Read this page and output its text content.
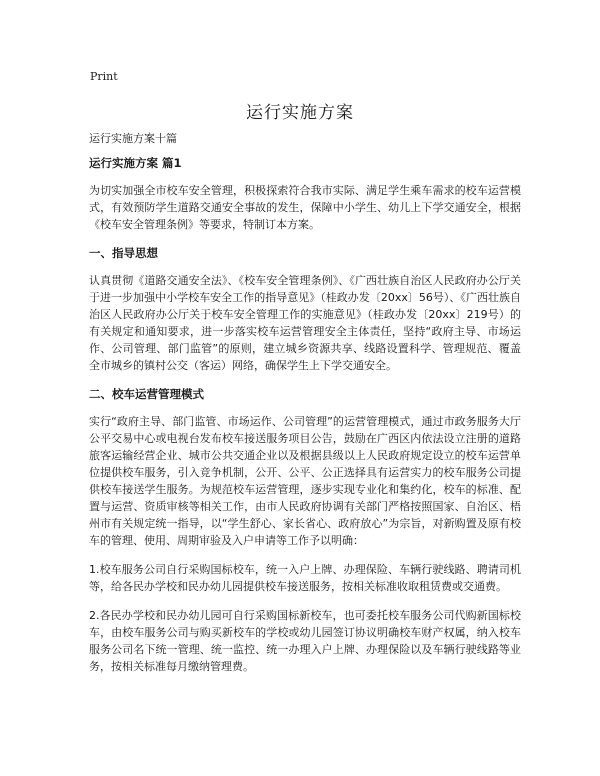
Print
运行实施方案

运行实施方案十篇

运行实施方案 篇1

为切实加强全市校车安全管理，积极探索符合我市实际、满足学生乘车需求的校车运营模式，有效预防学生道路交通安全事故的发生，保障中小学生、幼儿上下学交通安全，根据《校车安全管理条例》等要求，特制订本方案。

一、指导思想

认真贯彻《道路交通安全法》、《校车安全管理条例》、《广西壮族自治区人民政府办公厅关于进一步加强中小学校车安全工作的指导意见》（桂政办发〔20xx〕56号）、《广西壮族自治区人民政府办公厅关于校车安全管理工作的实施意见》（桂政办发〔20xx〕219号）的有关规定和通知要求，进一步落实校车运营管理安全主体责任，坚持“政府主导、市场运作、公司管理、部门监管”的原则，建立城乡资源共享、线路设置科学、管理规范、覆盖全市城乡的镇村公交（客运）网络，确保学生上下学交通安全。

二、校车运营管理模式

实行“政府主导、部门监管、市场运作、公司管理”的运营管理模式，通过市政务服务大厅公平交易中心或电视台发布校车接送服务项目公告，鼓励在广西区内依法设立注册的道路旅客运输经营企业、城市公共交通企业以及根据县级以上人民政府规定设立的校车运营单位提供校车服务，引入竞争机制，公开、公平、公正选择具有运营实力的校车服务公司提供校车接送学生服务。为规范校车运营管理，逐步实现专业化和集约化，校车的标准、配置与运营、资质审核等相关工作，由市人民政府协调有关部门严格按照国家、自治区、梧州市有关规定统一指导，以“学生舒心、家长省心、政府放心”为宗旨，对新购置及原有校车的管理、使用、周期审验及入户申请等工作予以明确：

1.校车服务公司自行采购国标校车，统一入户上牌、办理保险、车辆行驶线路、聘请司机等，给各民办学校和民办幼儿园提供校车接送服务，按相关标准收取租赁费或交通费。

2.各民办学校和民办幼儿园可自行采购国标新校车，也可委托校车服务公司代购新国标校车，由校车服务公司与购买新校车的学校或幼儿园签订协议明确校车财产权属，纳入校车服务公司名下统一管理、统一监控、统一办理入户上牌、办理保险以及车辆行驶线路等业务，按相关标准每月缴纳管理费。
